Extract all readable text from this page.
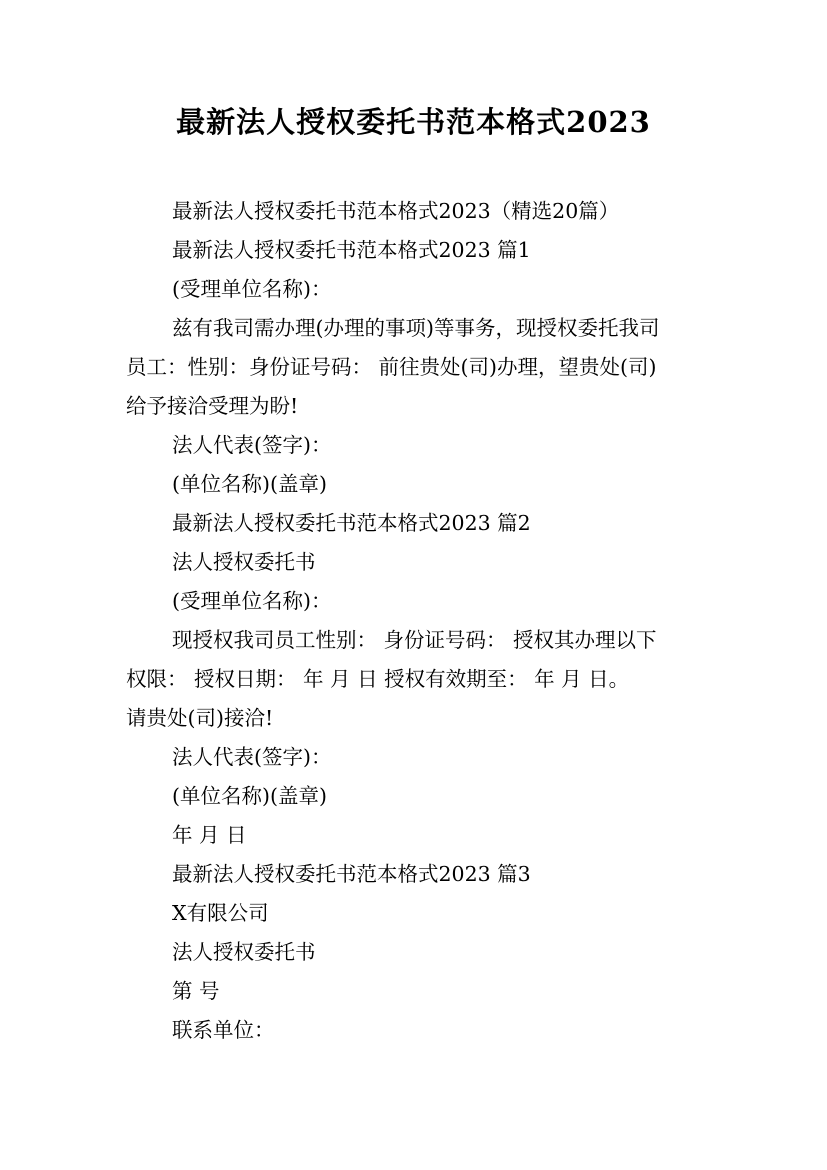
最新法人授权委托书范本格式2023
最新法人授权委托书范本格式2023（精选20篇）
最新法人授权委托书范本格式2023 篇1
(受理单位名称)：
兹有我司需办理(办理的事项)等事务，现授权委托我司
员工：性别：身份证号码： 前往贵处(司)办理，望贵处(司)
给予接洽受理为盼!
法人代表(签字)：
(单位名称)(盖章)
最新法人授权委托书范本格式2023 篇2
法人授权委托书
(受理单位名称)：
现授权我司员工性别： 身份证号码： 授权其办理以下
权限： 授权日期： 年 月 日 授权有效期至： 年 月 日。
请贵处(司)接洽!
法人代表(签字)：
(单位名称)(盖章)
年 月 日
最新法人授权委托书范本格式2023 篇3
X有限公司
法人授权委托书
第 号
联系单位：
